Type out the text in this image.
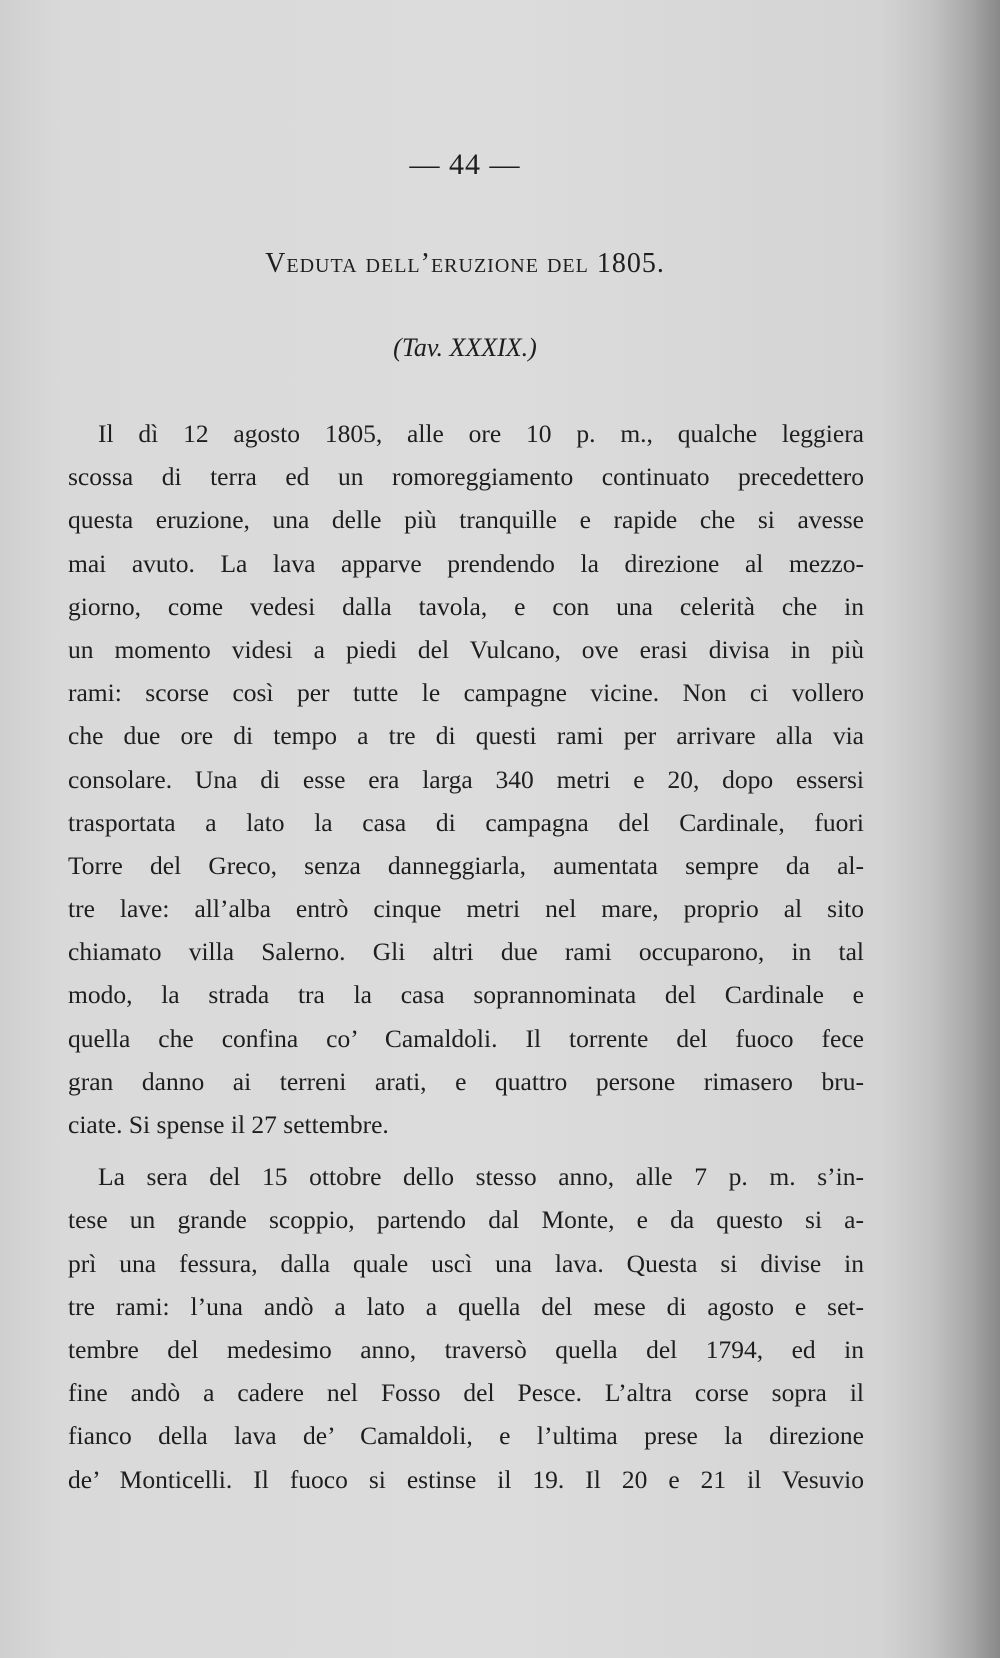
— 44 —
Veduta dell’eruzione del 1805.
(Tav. XXXIX.)
Il dì 12 agosto 1805, alle ore 10 p. m., qualche leggiera
scossa di terra ed un romoreggiamento continuato precedettero
questa eruzione, una delle più tranquille e rapide che si avesse
mai avuto. La lava apparve prendendo la direzione al mezzo-
giorno, come vedesi dalla tavola, e con una celerità che in
un momento videsi a piedi del Vulcano, ove erasi divisa in più
rami: scorse così per tutte le campagne vicine. Non ci vollero
che due ore di tempo a tre di questi rami per arrivare alla via
consolare. Una di esse era larga 340 metri e 20, dopo essersi
trasportata a lato la casa di campagna del Cardinale, fuori
Torre del Greco, senza danneggiarla, aumentata sempre da al-
tre lave: all’alba entrò cinque metri nel mare, proprio al sito
chiamato villa Salerno. Gli altri due rami occuparono, in tal
modo, la strada tra la casa soprannominata del Cardinale e
quella che confina co’ Camaldoli. Il torrente del fuoco fece
gran danno ai terreni arati, e quattro persone rimasero bru-
ciate. Si spense il 27 settembre.
La sera del 15 ottobre dello stesso anno, alle 7 p. m. s’in-
tese un grande scoppio, partendo dal Monte, e da questo si a-
prì una fessura, dalla quale uscì una lava. Questa si divise in
tre rami: l’una andò a lato a quella del mese di agosto e set-
tembre del medesimo anno, traversò quella del 1794, ed in
fine andò a cadere nel Fosso del Pesce. L’altra corse sopra il
fianco della lava de’ Camaldoli, e l’ultima prese la direzione
de’ Monticelli. Il fuoco si estinse il 19. Il 20 e 21 il Vesuvio
